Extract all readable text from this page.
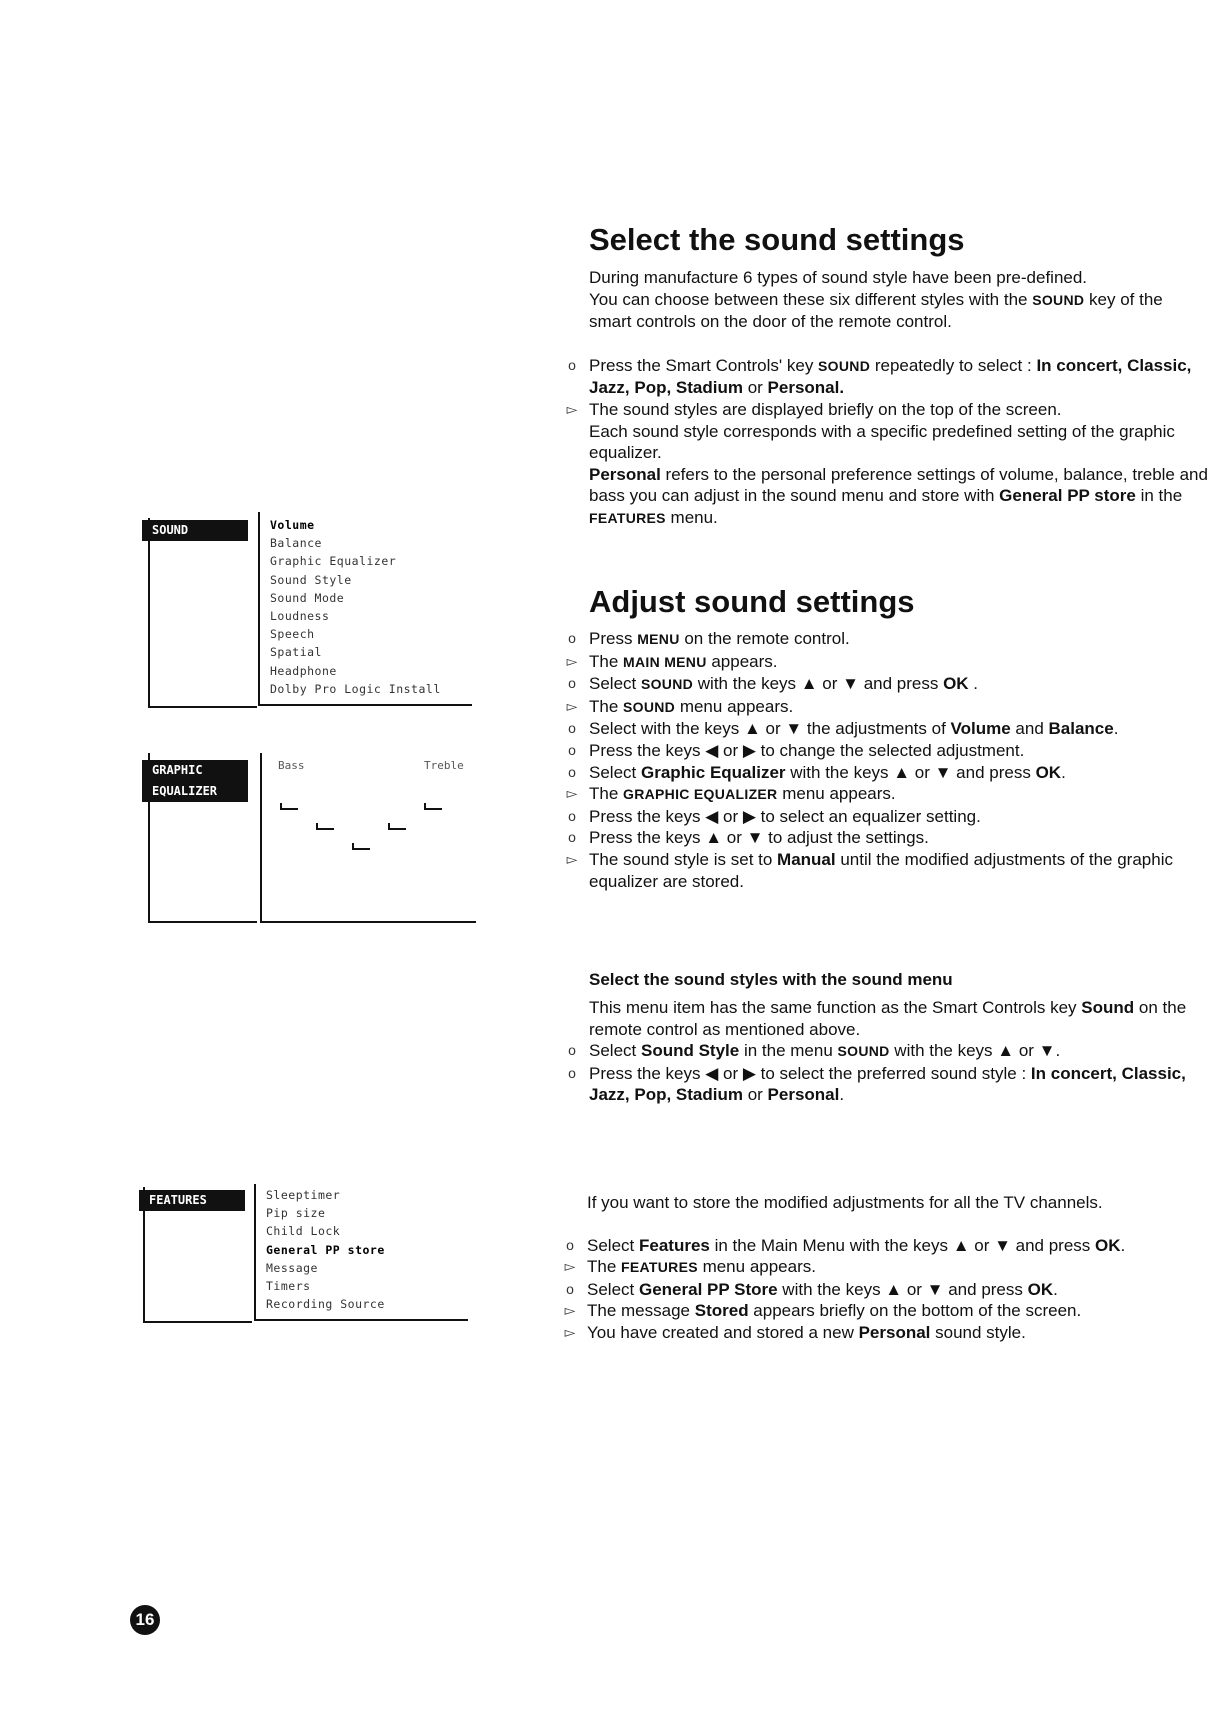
SOUND	Volume
Balance
Graphic Equalizer
Sound Style
Sound Mode
Loudness
Speech
Spatial
Headphone
Dolby Pro Logic Install
GRAPHIC
EQUALIZER
Bass	Treble
FEATURES	Sleeptimer
Pip size
Child Lock
General PP store
Message
Timers
Recording Source
Select the sound settings

During manufacture 6 types of sound style have been pre-defined.

You can choose between these six different styles with the SOUND key of the smart controls on the door of the remote control.

o Press the Smart Controls' key SOUND repeatedly to select : In concert, Classic, Jazz, Pop, Stadium or Personal.
▻ The sound styles are displayed briefly on the top of the screen.
Each sound style corresponds with a specific predefined setting of the graphic equalizer.
Personal refers to the personal preference settings of volume, balance, treble and bass you can adjust in the sound menu and store with General PP store in the FEATURES menu.
Adjust sound settings
o Press MENU on the remote control.
▻ The MAIN MENU appears.
o Select SOUND with the keys ▲ or ▼ and press OK .
▻ The SOUND menu appears.
o Select with the keys ▲ or ▼ the adjustments of Volume and Balance.
o Press the keys ◀ or ▶ to change the selected adjustment.
o Select Graphic Equalizer with the keys ▲ or ▼ and press OK.
▻ The GRAPHIC EQUALIZER menu appears.
o Press the keys ◀ or ▶ to select an equalizer setting.
o Press the keys ▲ or ▼ to adjust the settings.
▻ The sound style is set to Manual until the modified adjustments of the graphic equalizer are stored.
Select the sound styles with the sound menu

This menu item has the same function as the Smart Controls key Sound on the remote control as mentioned above.

o Select Sound Style in the menu SOUND with the keys ▲ or ▼.
o Press the keys ◀ or ▶ to select the preferred sound style : In concert, Classic, Jazz, Pop, Stadium or Personal.

If you want to store the modified adjustments for all the TV channels.

o Select Features in the Main Menu with the keys ▲ or ▼ and press OK.
▻ The FEATURES menu appears.
o Select General PP Store with the keys ▲ or ▼ and press OK.
▻ The message Stored appears briefly on the bottom of the screen.
▻ You have created and stored a new Personal sound style.
16
